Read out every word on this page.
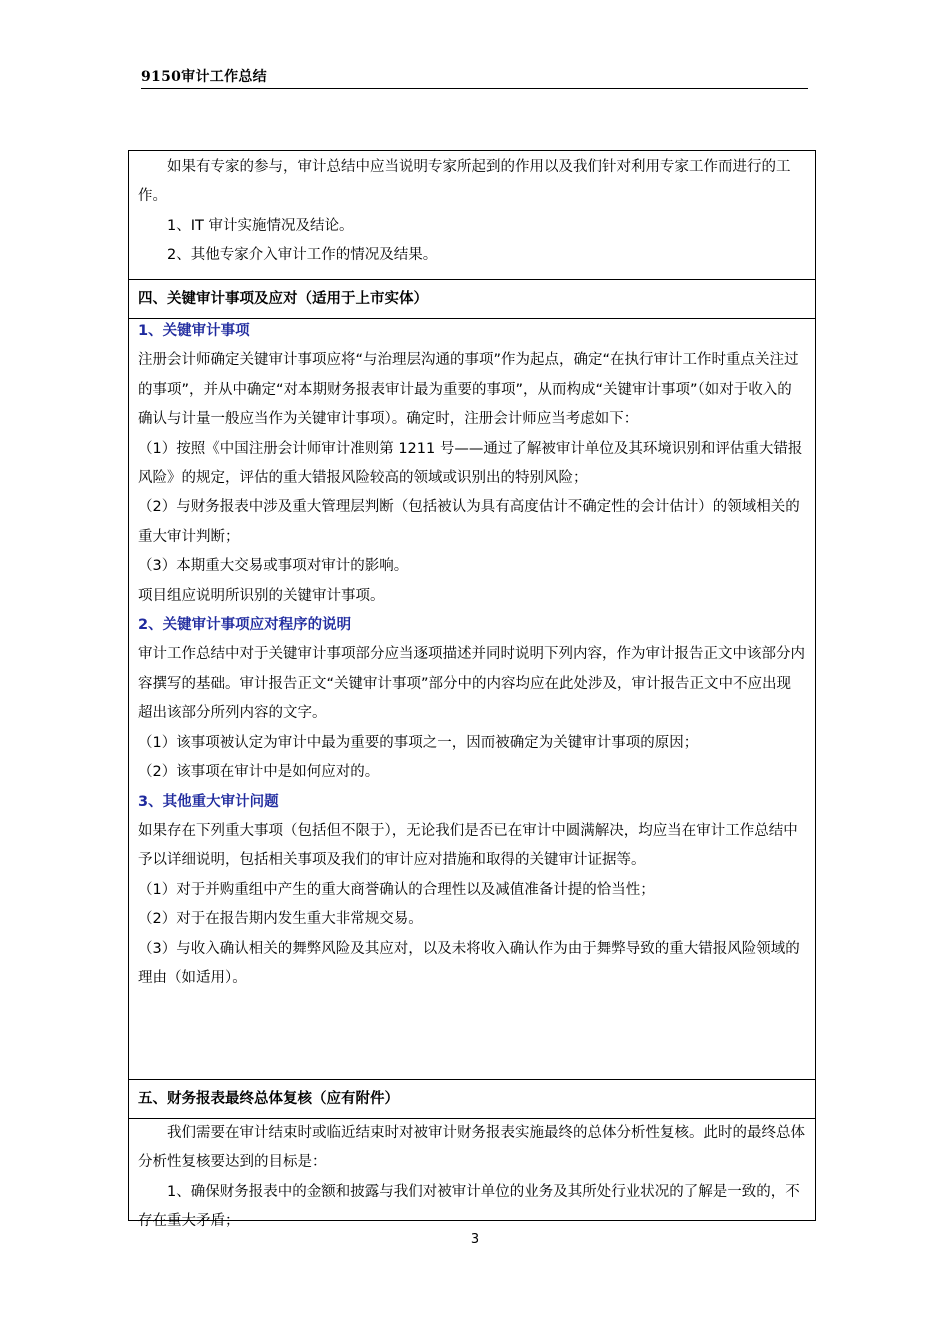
9150审计工作总结

如果有专家的参与，审计总结中应当说明专家所起到的作用以及我们针对利用专家工作而进行的工作。

1、IT 审计实施情况及结论。

2、其他专家介入审计工作的情况及结果。

四、关键审计事项及应对（适用于上市实体）

1、关键审计事项

注册会计师确定关键审计事项应将“与治理层沟通的事项”作为起点，确定“在执行审计工作时重点关注过的事项”，并从中确定“对本期财务报表审计最为重要的事项”，从而构成“关键审计事项”（如对于收入的确认与计量一般应当作为关键审计事项）。确定时，注册会计师应当考虑如下：

（1）按照《中国注册会计师审计准则第 1211 号——通过了解被审计单位及其环境识别和评估重大错报风险》的规定，评估的重大错报风险较高的领域或识别出的特别风险；

（2）与财务报表中涉及重大管理层判断（包括被认为具有高度估计不确定性的会计估计）的领域相关的重大审计判断；

（3）本期重大交易或事项对审计的影响。

项目组应说明所识别的关键审计事项。

2、关键审计事项应对程序的说明

审计工作总结中对于关键审计事项部分应当逐项描述并同时说明下列内容，作为审计报告正文中该部分内容撰写的基础。审计报告正文“关键审计事项”部分中的内容均应在此处涉及，审计报告正文中不应出现超出该部分所列内容的文字。

（1）该事项被认定为审计中最为重要的事项之一，因而被确定为关键审计事项的原因；

（2）该事项在审计中是如何应对的。

3、其他重大审计问题

如果存在下列重大事项（包括但不限于），无论我们是否已在审计中圆满解决，均应当在审计工作总结中予以详细说明，包括相关事项及我们的审计应对措施和取得的关键审计证据等。

（1）对于并购重组中产生的重大商誉确认的合理性以及减值准备计提的恰当性；

（2）对于在报告期内发生重大非常规交易。

（3）与收入确认相关的舞弊风险及其应对，以及未将收入确认作为由于舞弊导致的重大错报风险领域的理由（如适用）。

五、财务报表最终总体复核（应有附件）

我们需要在审计结束时或临近结束时对被审计财务报表实施最终的总体分析性复核。此时的最终总体分析性复核要达到的目标是：

1、确保财务报表中的金额和披露与我们对被审计单位的业务及其所处行业状况的了解是一致的，不存在重大矛盾；

3
